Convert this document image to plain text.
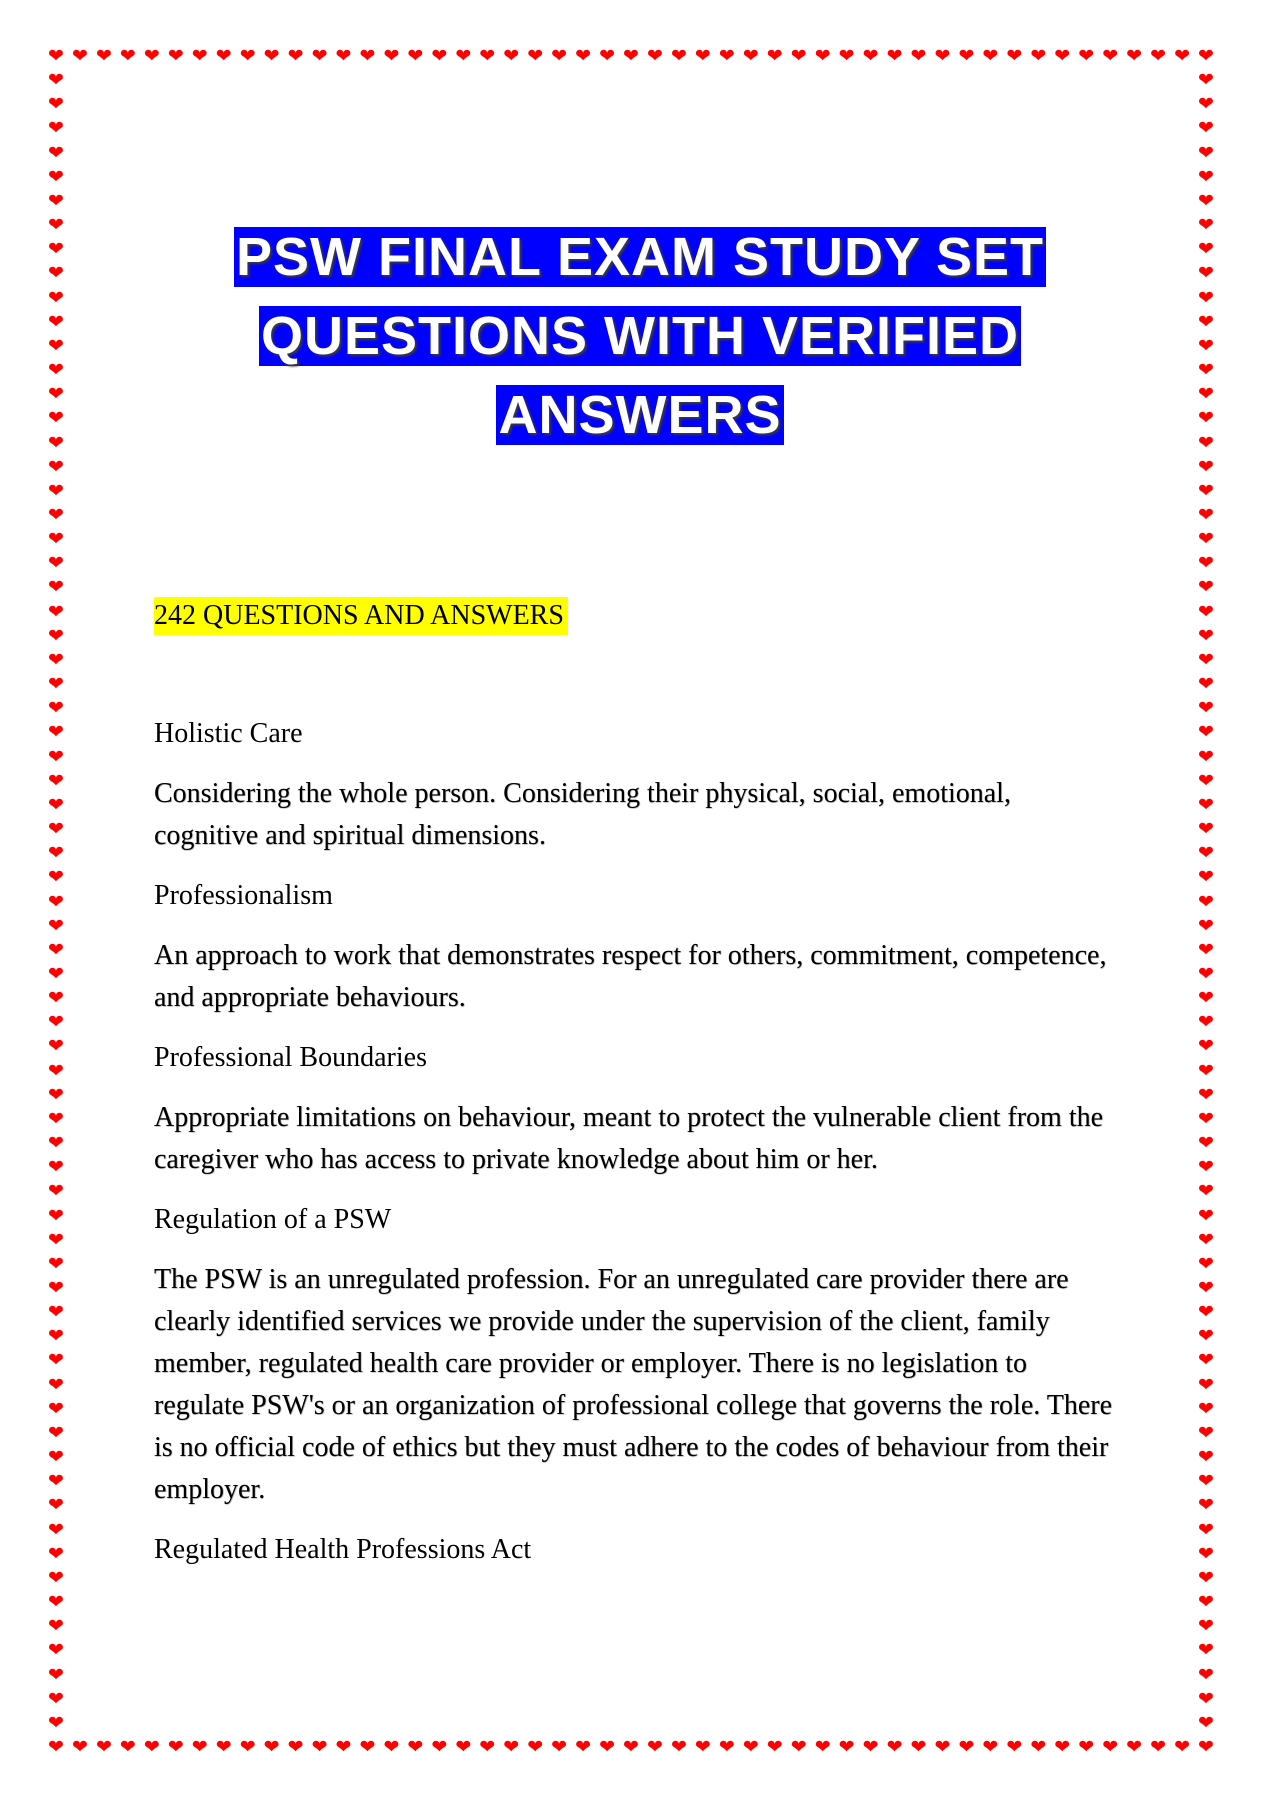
❤
❤
❤
❤
❤
❤
❤
❤
❤
❤
❤
❤
❤
❤
❤
❤
❤
❤
❤
❤
❤
❤
❤
❤
❤
❤
❤
❤
❤
❤
❤
❤
❤
❤
❤
❤
❤
❤
❤
❤
❤
❤
❤
❤
❤
❤
❤
❤
❤
❤
❤
❤
❤
❤
❤
❤
❤
❤
❤
❤
❤
❤
❤
❤
❤
❤
❤
❤
❤
❤
❤
❤
❤
❤
❤
❤
❤
❤
❤
❤
❤
❤
❤
❤
❤
❤
❤
❤
❤
❤
❤
❤
❤
❤
❤
❤
❤
❤
❤	❤
❤	❤
❤	❤
❤	❤
❤	❤
❤	❤
❤	❤
❤	❤
❤	❤
❤	❤
❤	❤
❤	❤
❤	❤
❤	❤
❤	❤
❤	❤
❤	❤
❤	❤
❤	❤
❤	❤
❤	❤
❤	❤
❤	❤
❤	❤
❤	❤
❤	❤
❤	❤
❤	❤
❤	❤
❤	❤
❤	❤
❤	❤
❤	❤
❤	❤
❤	❤
❤	❤
❤	❤
❤	❤
❤	❤
❤	❤
❤	❤
❤	❤
❤	❤
❤	❤
❤	❤
❤	❤
❤	❤
❤	❤
❤	❤
❤	❤
❤	❤
❤	❤
❤	❤
❤	❤
❤	❤
❤	❤
❤	❤
❤	❤
❤	❤
❤	❤
❤	❤
❤	❤
❤	❤
❤	❤
❤	❤
❤	❤
❤	❤
❤	❤
❤	❤
PSW FINAL EXAM STUDY SET
QUESTIONS WITH VERIFIED
ANSWERS
242 QUESTIONS AND ANSWERS

Holistic Care

Considering the whole person. Considering their physical, social, emotional, cognitive and spiritual dimensions.

Professionalism

An approach to work that demonstrates respect for others, commitment, competence, and appropriate behaviours.

Professional Boundaries

Appropriate limitations on behaviour, meant to protect the vulnerable client from the caregiver who has access to private knowledge about him or her.

Regulation of a PSW

The PSW is an unregulated profession. For an unregulated care provider there are clearly identified services we provide under the supervision of the client, family member, regulated health care provider or employer. There is no legislation to regulate PSW's or an organization of professional college that governs the role. There is no official code of ethics but they must adhere to the codes of behaviour from their employer.

Regulated Health Professions Act
